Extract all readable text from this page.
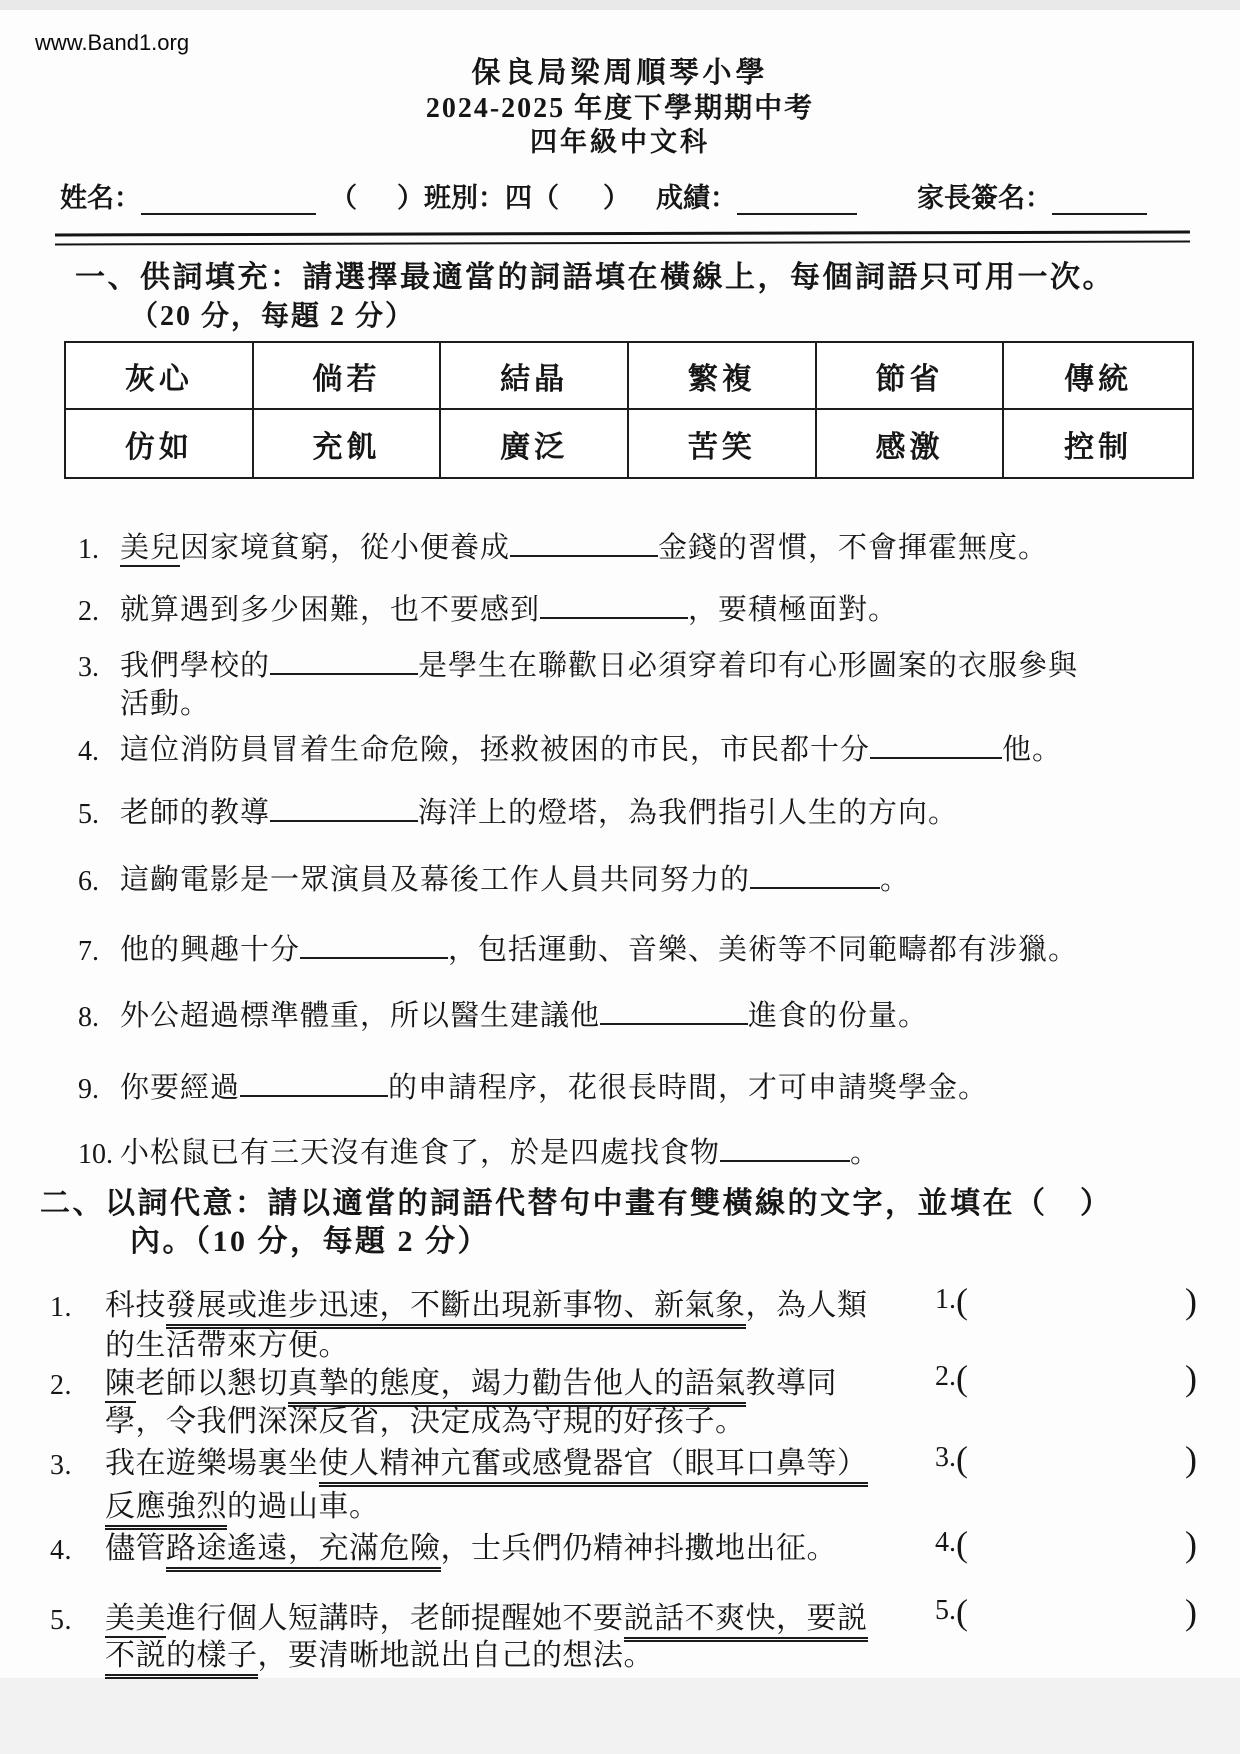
www.Band1.org
保良局梁周順琴小學
2024-2025 年度下學期期中考
四年級中文科
姓名：	（ ） 班別：四 （ ） 成績：	家長簽名：
一、供詞填充：請選擇最適當的詞語填在橫線上，每個詞語只可用一次。
（20 分，每題 2 分）
灰心	倘若	結晶	繁複	節省	傳統
仿如	充飢	廣泛	苦笑	感激	控制
1. 美兒因家境貧窮，從小便養成	金錢的習慣，不會揮霍無度。
2. 就算遇到多少困難，也不要感到	，要積極面對。
3. 我們學校的	是學生在聯歡日必須穿着印有心形圖案的衣服參與
活動。
4. 這位消防員冒着生命危險，拯救被困的市民，市民都十分	他。
5. 老師的教導	海洋上的燈塔，為我們指引人生的方向。
6. 這齣電影是一眾演員及幕後工作人員共同努力的	。
7. 他的興趣十分	，包括運動、音樂、美術等不同範疇都有涉獵。
8. 外公超過標準體重，所以醫生建議他	進食的份量。
9. 你要經過	的申請程序，花很長時間，才可申請獎學金。
10. 小松鼠已有三天沒有進食了，於是四處找食物	。
二、以詞代意：請以適當的詞語代替句中畫有雙橫線的文字，並填在（　）
內。（10 分，每題 2 分）
1.	科技發展或進步迅速，不斷出現新事物、新氣象，為人類
的生活帶來方便。
2.	陳老師以懇切真摯的態度，竭力勸告他人的語氣教導同
學，令我們深深反省，決定成為守規的好孩子。
3.	我在遊樂場裏坐使人精神亢奮或感覺器官（眼耳口鼻等）
反應強烈的過山車。
4.	儘管路途遙遠，充滿危險，士兵們仍精神抖擻地出征。
5.	美美進行個人短講時，老師提醒她不要説話不爽快，要説
不説的樣子，要清晰地説出自己的想法。
1. (	)
2. (	)
3. (	)
4. (	)
5. (	)
